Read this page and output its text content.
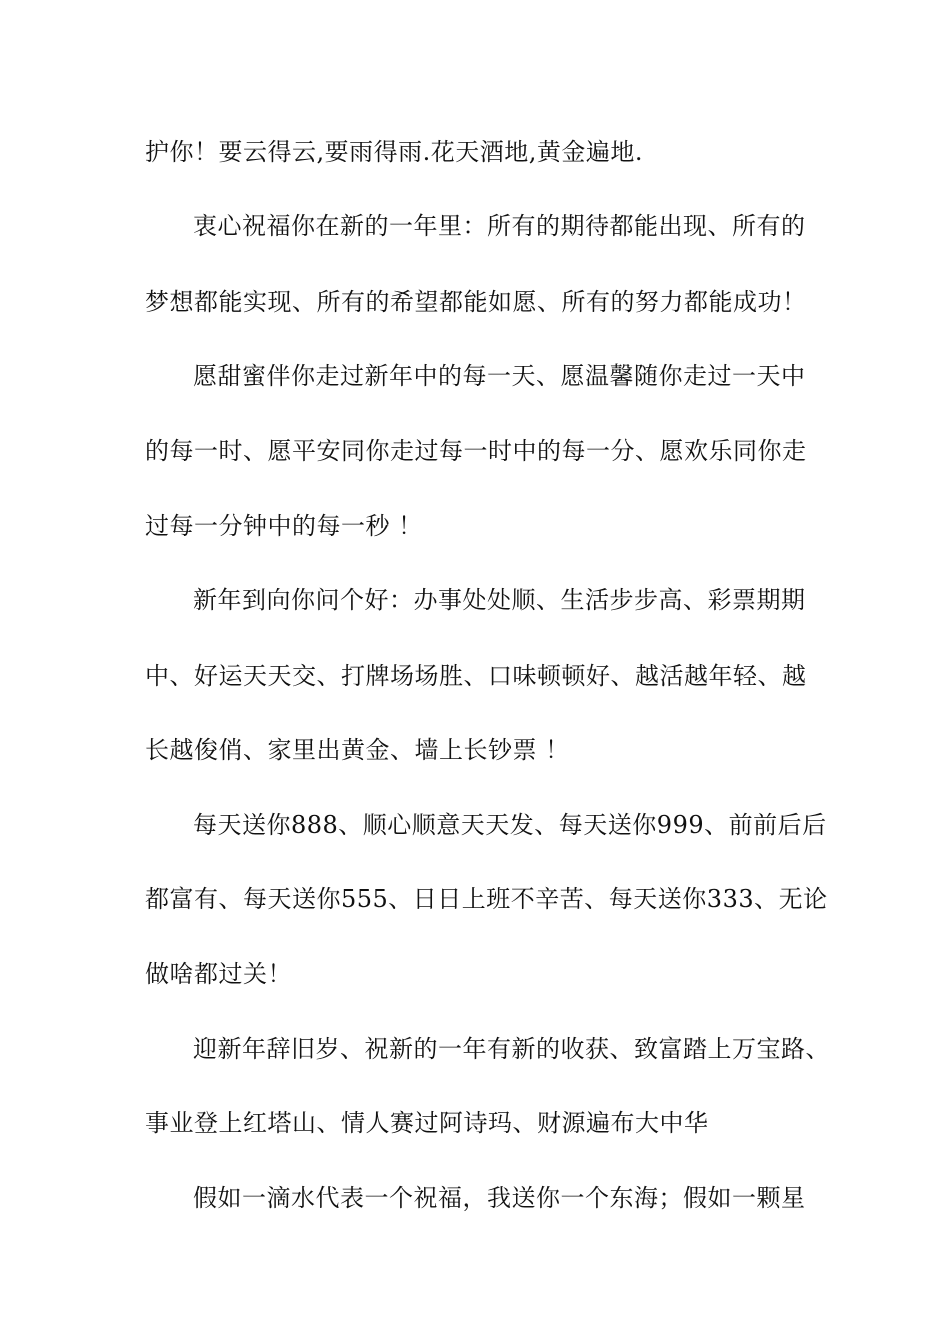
护你！要云得云,要雨得雨.花天酒地,黄金遍地.
衷心祝福你在新的一年里：所有的期待都能出现、所有的
梦想都能实现、所有的希望都能如愿、所有的努力都能成功！
愿甜蜜伴你走过新年中的每一天、愿温馨随你走过一天中
的每一时、愿平安同你走过每一时中的每一分、愿欢乐同你走
过每一分钟中的每一秒 ！
新年到向你问个好：办事处处顺、生活步步高、彩票期期
中、好运天天交、打牌场场胜、口味顿顿好、越活越年轻、越
长越俊俏、家里出黄金、墙上长钞票 ！
每天送你888、顺心顺意天天发、每天送你999、前前后后
都富有、每天送你555、日日上班不辛苦、每天送你333、无论
做啥都过关！
迎新年辞旧岁、祝新的一年有新的收获、致富踏上万宝路、
事业登上红塔山、情人赛过阿诗玛、财源遍布大中华
假如一滴水代表一个祝福，我送你一个东海；假如一颗星
